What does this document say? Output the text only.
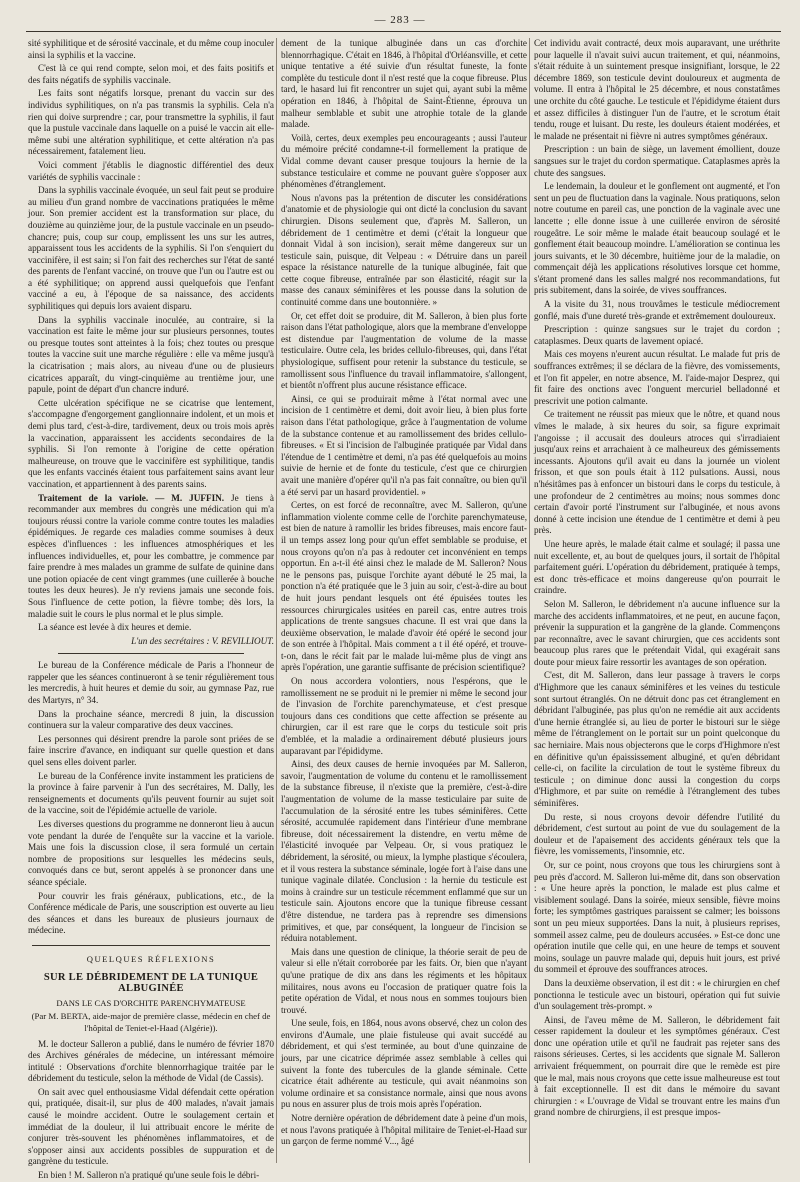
— 283 —

sité syphilitique et de sérosité vaccinale, et du même coup inoculer ainsi la syphilis et la vaccine.

C'est là ce qui rend compte, selon moi, et des faits positifs et des faits négatifs de syphilis vaccinale.

Les faits sont négatifs lorsque, prenant du vaccin sur des individus syphilitiques, on n'a pas transmis la syphilis. Cela n'a rien qui doive surprendre ; car, pour transmettre la syphilis, il faut que la pustule vaccinale dans laquelle on a puisé le vaccin ait elle-même subi une altération syphilitique, et cette altération n'a pas nécessairement, fatalement lieu.

Voici comment j'établis le diagnostic différentiel des deux variétés de syphilis vaccinale :

Dans la syphilis vaccinale évoquée, un seul fait peut se produire au milieu d'un grand nombre de vaccinations pratiquées le même jour. Son premier accident est la transformation sur place, du douzième au quinzième jour, de la pustule vaccinale en un pseudo-chancre; puis, coup sur coup, emplissent les uns sur les autres, apparaissent tous les accidents de la syphilis. Si l'on s'enquiert du vaccinifère, il est sain; si l'on fait des recherches sur l'état de santé des parents de l'enfant vacciné, on trouve que l'un ou l'autre est ou a été syphilitique; on apprend aussi quelquefois que l'enfant vacciné a eu, à l'époque de sa naissance, des accidents syphilitiques qui depuis lors avaient disparu.

Dans la syphilis vaccinale inoculée, au contraire, si la vaccination est faite le même jour sur plusieurs personnes, toutes ou presque toutes sont atteintes à la fois; chez toutes ou presque toutes la vaccine suit une marche régulière : elle va même jusqu'à la cicatrisation ; mais alors, au niveau d'une ou de plusieurs cicatrices apparaît, du vingt-cinquième au trentième jour, une papule, point de départ d'un chancre induré.

Cette ulcération spécifique ne se cicatrise que lentement, s'accompagne d'engorgement ganglionnaire indolent, et un mois et demi plus tard, c'est-à-dire, tardivement, deux ou trois mois après la vaccination, apparaissent les accidents secondaires de la syphilis. Si l'on remonte à l'origine de cette opération malheureuse, on trouve que le vaccinifère est syphilitique, tandis que les enfants vaccinés étaient tous parfaitement sains avant leur vaccination, et appartiennent à des parents sains.

Traitement de la variole. — M. JUFFIN. Je tiens à recommander aux membres du congrès une médication qui m'a toujours réussi contre la variole comme contre toutes les maladies épidémiques. Je regarde ces maladies comme soumises à deux espèces d'influences : les influences atmosphériques et les influences individuelles, et, pour les combattre, je commence par faire prendre à mes malades un gramme de sulfate de quinine dans une potion opiacée de cent vingt grammes (une cuillerée à bouche toutes les deux heures). Je n'y reviens jamais une seconde fois. Sous l'influence de cette potion, la fièvre tombe; dès lors, la maladie suit le cours le plus normal et le plus simple.

La séance est levée à dix heures et demie.

L'un des secrétaires : V. REVILLIOUT.

Le bureau de la Conférence médicale de Paris a l'honneur de rappeler que les séances continueront à se tenir régulièrement tous les mercredis, à huit heures et demie du soir, au gymnase Paz, rue des Martyrs, n° 34.

Dans la prochaine séance, mercredi 8 juin, la discussion continuera sur la valeur comparative des deux vaccines.

Les personnes qui désirent prendre la parole sont priées de se faire inscrire d'avance, en indiquant sur quelle question et dans quel sens elles doivent parler.

Le bureau de la Conférence invite instamment les praticiens de la province à faire parvenir à l'un des secrétaires, M. Dally, les renseignements et documents qu'ils peuvent fournir au sujet soit de la vaccine, soit de l'épidémie actuelle de variole.

Les diverses questions du programme ne donneront lieu à aucun vote pendant la durée de l'enquête sur la vaccine et la variole. Mais une fois la discussion close, il sera formulé un certain nombre de propositions sur lesquelles les médecins seuls, convoqués dans ce but, seront appelés à se prononcer dans une séance spéciale.

Pour couvrir les frais généraux, publications, etc., de la Conférence médicale de Paris, une souscription est ouverte au lieu des séances et dans les bureaux de plusieurs journaux de médecine.

QUELQUES RÉFLEXIONS

SUR LE DÉBRIDEMENT DE LA TUNIQUE ALBUGINÉE

DANS LE CAS D'ORCHITE PARENCHYMATEUSE

(Par M. BERTA, aide-major de première classe, médecin en chef de l'hôpital de Teniet-el-Haad (Algérie)).

M. le docteur Salleron a publié, dans le numéro de février 1870 des Archives générales de médecine, un intéressant mémoire intitulé : Observations d'orchite blennorrhagique traitée par le débridement du testicule, selon la méthode de Vidal (de Cassis).

On sait avec quel enthousiasme Vidal défendait cette opération qui, pratiquée, disait-il, sur plus de 400 malades, n'avait jamais causé le moindre accident. Outre le soulagement certain et immédiat de la douleur, il lui attribuait encore le mérite de conjurer très-souvent les phénomènes inflammatoires, et de s'opposer ainsi aux accidents possibles de suppuration et de gangrène du testicule.

En bien ! M. Salleron n'a pratiqué qu'une seule fois le débri-

dement de la tunique albuginée dans un cas d'orchite blennorrhagique. C'était en 1846, à l'hôpital d'Orléansville, et cette unique tentative a été suivie d'un résultat funeste, la fonte complète du testicule dont il n'est resté que la coque fibreuse. Plus tard, le hasard lui fit rencontrer un sujet qui, ayant subi la même opération en 1846, à l'hôpital de Saint-Étienne, éprouva un malheur semblable et subit une atrophie totale de la glande malade.

Voilà, certes, deux exemples peu encourageants ; aussi l'auteur du mémoire précité condamne-t-il formellement la pratique de Vidal comme devant causer presque toujours la hernie de la substance testiculaire et comme ne pouvant guère s'opposer aux phénomènes d'étranglement.

Nous n'avons pas la prétention de discuter les considérations d'anatomie et de physiologie qui ont dicté la conclusion du savant chirurgien. Disons seulement que, d'après M. Salleron, un débridement de 1 centimètre et demi (c'était la longueur que donnait Vidal à son incision), serait même dangereux sur un testicule sain, puisque, dit Velpeau : « Détruire dans un pareil espace la résistance naturelle de la tunique albuginée, fait que cette coque fibreuse, entraînée par son élasticité, réagit sur la masse des canaux séminifères et les pousse dans la solution de continuité comme dans une boutonnière. »

Or, cet effet doit se produire, dit M. Salleron, à bien plus forte raison dans l'état pathologique, alors que la membrane d'enveloppe est distendue par l'augmentation de volume de la masse testiculaire. Outre cela, les brides cellulo-fibreuses, qui, dans l'état physiologique, suffisent pour retenir la substance du testicule, se ramollissent sous l'influence du travail inflammatoire, s'allongent, et bientôt n'offrent plus aucune résistance efficace.

Ainsi, ce qui se produirait même à l'état normal avec une incision de 1 centimètre et demi, doit avoir lieu, à bien plus forte raison dans l'état pathologique, grâce à l'augmentation de volume de la substance contenue et au ramollissement des brides cellulo-fibreuses. « Et si l'incision de l'albuginée pratiquée par Vidal dans l'étendue de 1 centimètre et demi, n'a pas été quelquefois au moins suivie de hernie et de fonte du testicule, c'est que ce chirurgien avait une manière d'opérer qu'il n'a pas fait connaître, ou bien qu'il a été servi par un hasard providentiel. »

Certes, on est forcé de reconnaître, avec M. Salleron, qu'une inflammation violente comme celle de l'orchite parenchymateuse, est bien de nature à ramollir les brides fibreuses, mais encore faut-il un temps assez long pour qu'un effet semblable se produise, et nous croyons qu'on n'a pas à redouter cet inconvénient en temps opportun. En a-t-il été ainsi chez le malade de M. Salleron? Nous ne le pensons pas, puisque l'orchite ayant débuté le 25 mai, la ponction n'a été pratiquée que le 3 juin au soir, c'est-à-dire au bout de huit jours pendant lesquels ont été épuisées toutes les ressources chirurgicales usitées en pareil cas, entre autres trois applications de trente sangsues chacune. Il est vrai que dans la deuxième observation, le malade d'avoir été opéré le second jour de son entrée à l'hôpital. Mais comment a t il été opéré, et trouve-t-on, dans le récit fait par le malade lui-même plus de vingt ans après l'opération, une garantie suffisante de précision scientifique?

On nous accordera volontiers, nous l'espérons, que le ramollissement ne se produit ni le premier ni même le second jour de l'invasion de l'orchite parenchymateuse, et c'est presque toujours dans ces conditions que cette affection se présente au chirurgien, car il est rare que le corps du testicule soit pris d'emblée, et la maladie a ordinairement débuté plusieurs jours auparavant par l'épididyme.

Ainsi, des deux causes de hernie invoquées par M. Salleron, savoir, l'augmentation de volume du contenu et le ramollissement de la substance fibreuse, il n'existe que la première, c'est-à-dire l'augmentation de volume de la masse testiculaire par suite de l'accumulation de la sérosité entre les tubes séminifères. Cette sérosité, accumulée rapidement dans l'intérieur d'une membrane fibreuse, doit nécessairement la distendre, en vertu même de l'élasticité invoquée par Velpeau. Or, si vous pratiquez le débridement, la sérosité, ou mieux, la lymphe plastique s'écoulera, et il vous restera la substance séminale, logée fort à l'aise dans une tunique vaginale dilatée. Conclusion : la hernie du testicule est moins à craindre sur un testicule récemment enflammé que sur un testicule sain. Ajoutons encore que la tunique fibreuse cessant d'être distendue, ne tardera pas à reprendre ses dimensions primitives, et que, par conséquent, la longueur de l'incision se réduira notablement.

Mais dans une question de clinique, la théorie serait de peu de valeur si elle n'était corroborée par les faits. Or, bien que n'ayant qu'une pratique de dix ans dans les régiments et les hôpitaux militaires, nous avons eu l'occasion de pratiquer quatre fois la petite opération de Vidal, et nous nous en sommes toujours bien trouvé.

Une seule, fois, en 1864, nous avons observé, chez un colon des environs d'Aumale, une plaie fistuleuse qui avait succédé au débridement, et qui s'est terminée, au bout d'une quinzaine de jours, par une cicatrice déprimée assez semblable à celles qui suivent la fonte des tubercules de la glande séminale. Cette cicatrice était adhérente au testicule, qui avait néanmoins son volume ordinaire et sa consistance normale, ainsi que nous avons pu nous en assurer plus de trois mois après l'opération.

Notre dernière opération de débridement date à peine d'un mois, et nous l'avons pratiquée à l'hôpital militaire de Teniet-el-Haad sur un garçon de ferme nommé V..., âgé

Cet individu avait contracté, deux mois auparavant, une uréthrite pour laquelle il n'avait suivi aucun traitement, et qui, néanmoins, s'était réduite à un suintement presque insignifiant, lorsque, le 22 décembre 1869, son testicule devint douloureux et augmenta de volume. Il entra à l'hôpital le 25 décembre, et nous constatâmes une orchite du côté gauche. Le testicule et l'épididyme étaient durs et assez difficiles à distinguer l'un de l'autre, et le scrotum était tendu, rouge et luisant. Du reste, les douleurs étaient modérées, et le malade ne présentait ni fièvre ni autres symptômes généraux.

Prescription : un bain de siège, un lavement émollient, douze sangsues sur le trajet du cordon spermatique. Cataplasmes après la chute des sangsues.

Le lendemain, la douleur et le gonflement ont augmenté, et l'on sent un peu de fluctuation dans la vaginale. Nous pratiquons, selon notre coutume en pareil cas, une ponction de la vaginale avec une lancette ; elle donne issue à une cuillerée environ de sérosité rougeâtre. Le soir même le malade était beaucoup soulagé et le gonflement était beaucoup moindre. L'amélioration se continua les jours suivants, et le 30 décembre, huitième jour de la maladie, on commençait déjà les applications résolutives lorsque cet homme, s'étant promené dans les salles malgré nos recommandations, fut pris subitement, dans la soirée, de vives souffrances.

A la visite du 31, nous trouvâmes le testicule médiocrement gonflé, mais d'une dureté très-grande et extrêmement douloureux.

Prescription : quinze sangsues sur le trajet du cordon ; cataplasmes. Deux quarts de lavement opiacé.

Mais ces moyens n'eurent aucun résultat. Le malade fut pris de souffrances extrêmes; il se déclara de la fièvre, des vomissements, et l'on fit appeler, en notre absence, M. l'aide-major Desprez, qui fit faire des onctions avec l'onguent mercuriel belladonné et prescrivit une potion calmante.

Ce traitement ne réussit pas mieux que le nôtre, et quand nous vîmes le malade, à six heures du soir, sa figure exprimait l'angoisse ; il accusait des douleurs atroces qui s'irradiaient jusqu'aux reins et arrachaient à ce malheureux des gémissements incessants. Ajoutons qu'il avait eu dans la journée un violent frisson, et que son pouls était à 112 pulsations. Aussi, nous n'hésitâmes pas à enfoncer un bistouri dans le corps du testicule, à une profondeur de 2 centimètres au moins; nous sommes donc certain d'avoir porté l'instrument sur l'albuginée, et nous avons donné à cette incision une étendue de 1 centimètre et demi à peu près.

Une heure après, le malade était calme et soulagé; il passa une nuit excellente, et, au bout de quelques jours, il sortait de l'hôpital parfaitement guéri. L'opération du débridement, pratiquée à temps, est donc très-efficace et moins dangereuse qu'on pourrait le craindre.

Selon M. Salleron, le débridement n'a aucune influence sur la marche des accidents inflammatoires, et ne peut, en aucune façon, prévenir la suppuration et la gangrène de la glande. Commençons par reconnaître, avec le savant chirurgien, que ces accidents sont beaucoup plus rares que le prétendait Vidal, qui exagérait sans doute pour mieux faire ressortir les avantages de son opération.

C'est, dit M. Salleron, dans leur passage à travers le corps d'Highmore que les canaux séminifères et les veines du testicule sont surtout étranglés. On ne détruit donc pas cet étranglement en débridant l'albuginée, pas plus qu'on ne remédie ait aux accidents d'une hernie étranglée si, au lieu de porter le bistouri sur le siège même de l'étranglement on le portait sur un point quelconque du sac herniaire. Mais nous objecterons que le corps d'Highmore n'est en définitive qu'un épaississement albuginé, et qu'en débridant celle-ci, on facilite la circulation de tout le système fibreux du testicule ; on diminue donc aussi la congestion du corps d'Highmore, et par suite on remédie à l'étranglement des tubes séminifères.

Du reste, si nous croyons devoir défendre l'utilité du débridement, c'est surtout au point de vue du soulagement de la douleur et de l'apaisement des accidents généraux tels que la fièvre, les vomissements, l'insomnie, etc.

Or, sur ce point, nous croyons que tous les chirurgiens sont à peu près d'accord. M. Salleron lui-même dit, dans son observation : « Une heure après la ponction, le malade est plus calme et visiblement soulagé. Dans la soirée, mieux sensible, fièvre moins forte; les symptômes gastriques paraissent se calmer; les boissons sont un peu mieux supportées. Dans la nuit, à plusieurs reprises, sommeil assez calme, peu de douleurs accusées. » Est-ce donc une opération inutile que celle qui, en une heure de temps et souvent moins, soulage un pauvre malade qui, depuis huit jours, est privé du sommeil et éprouve des souffrances atroces.

Dans la deuxième observation, il est dit : « le chirurgien en chef ponctionna le testicule avec un bistouri, opération qui fut suivie d'un soulagement très-prompt. »

Ainsi, de l'aveu même de M. Salleron, le débridement fait cesser rapidement la douleur et les symptômes généraux. C'est donc une opération utile et qu'il ne faudrait pas rejeter sans des raisons sérieuses. Certes, si les accidents que signale M. Salleron arrivaient fréquemment, on pourrait dire que le remède est pire que le mal, mais nous croyons que cette issue malheureuse est tout à fait exceptionnelle. Il est dit dans le mémoire du savant chirurgien : « L'ouvrage de Vidal se trouvant entre les mains d'un grand nombre de chirurgiens, il est presque impos-
